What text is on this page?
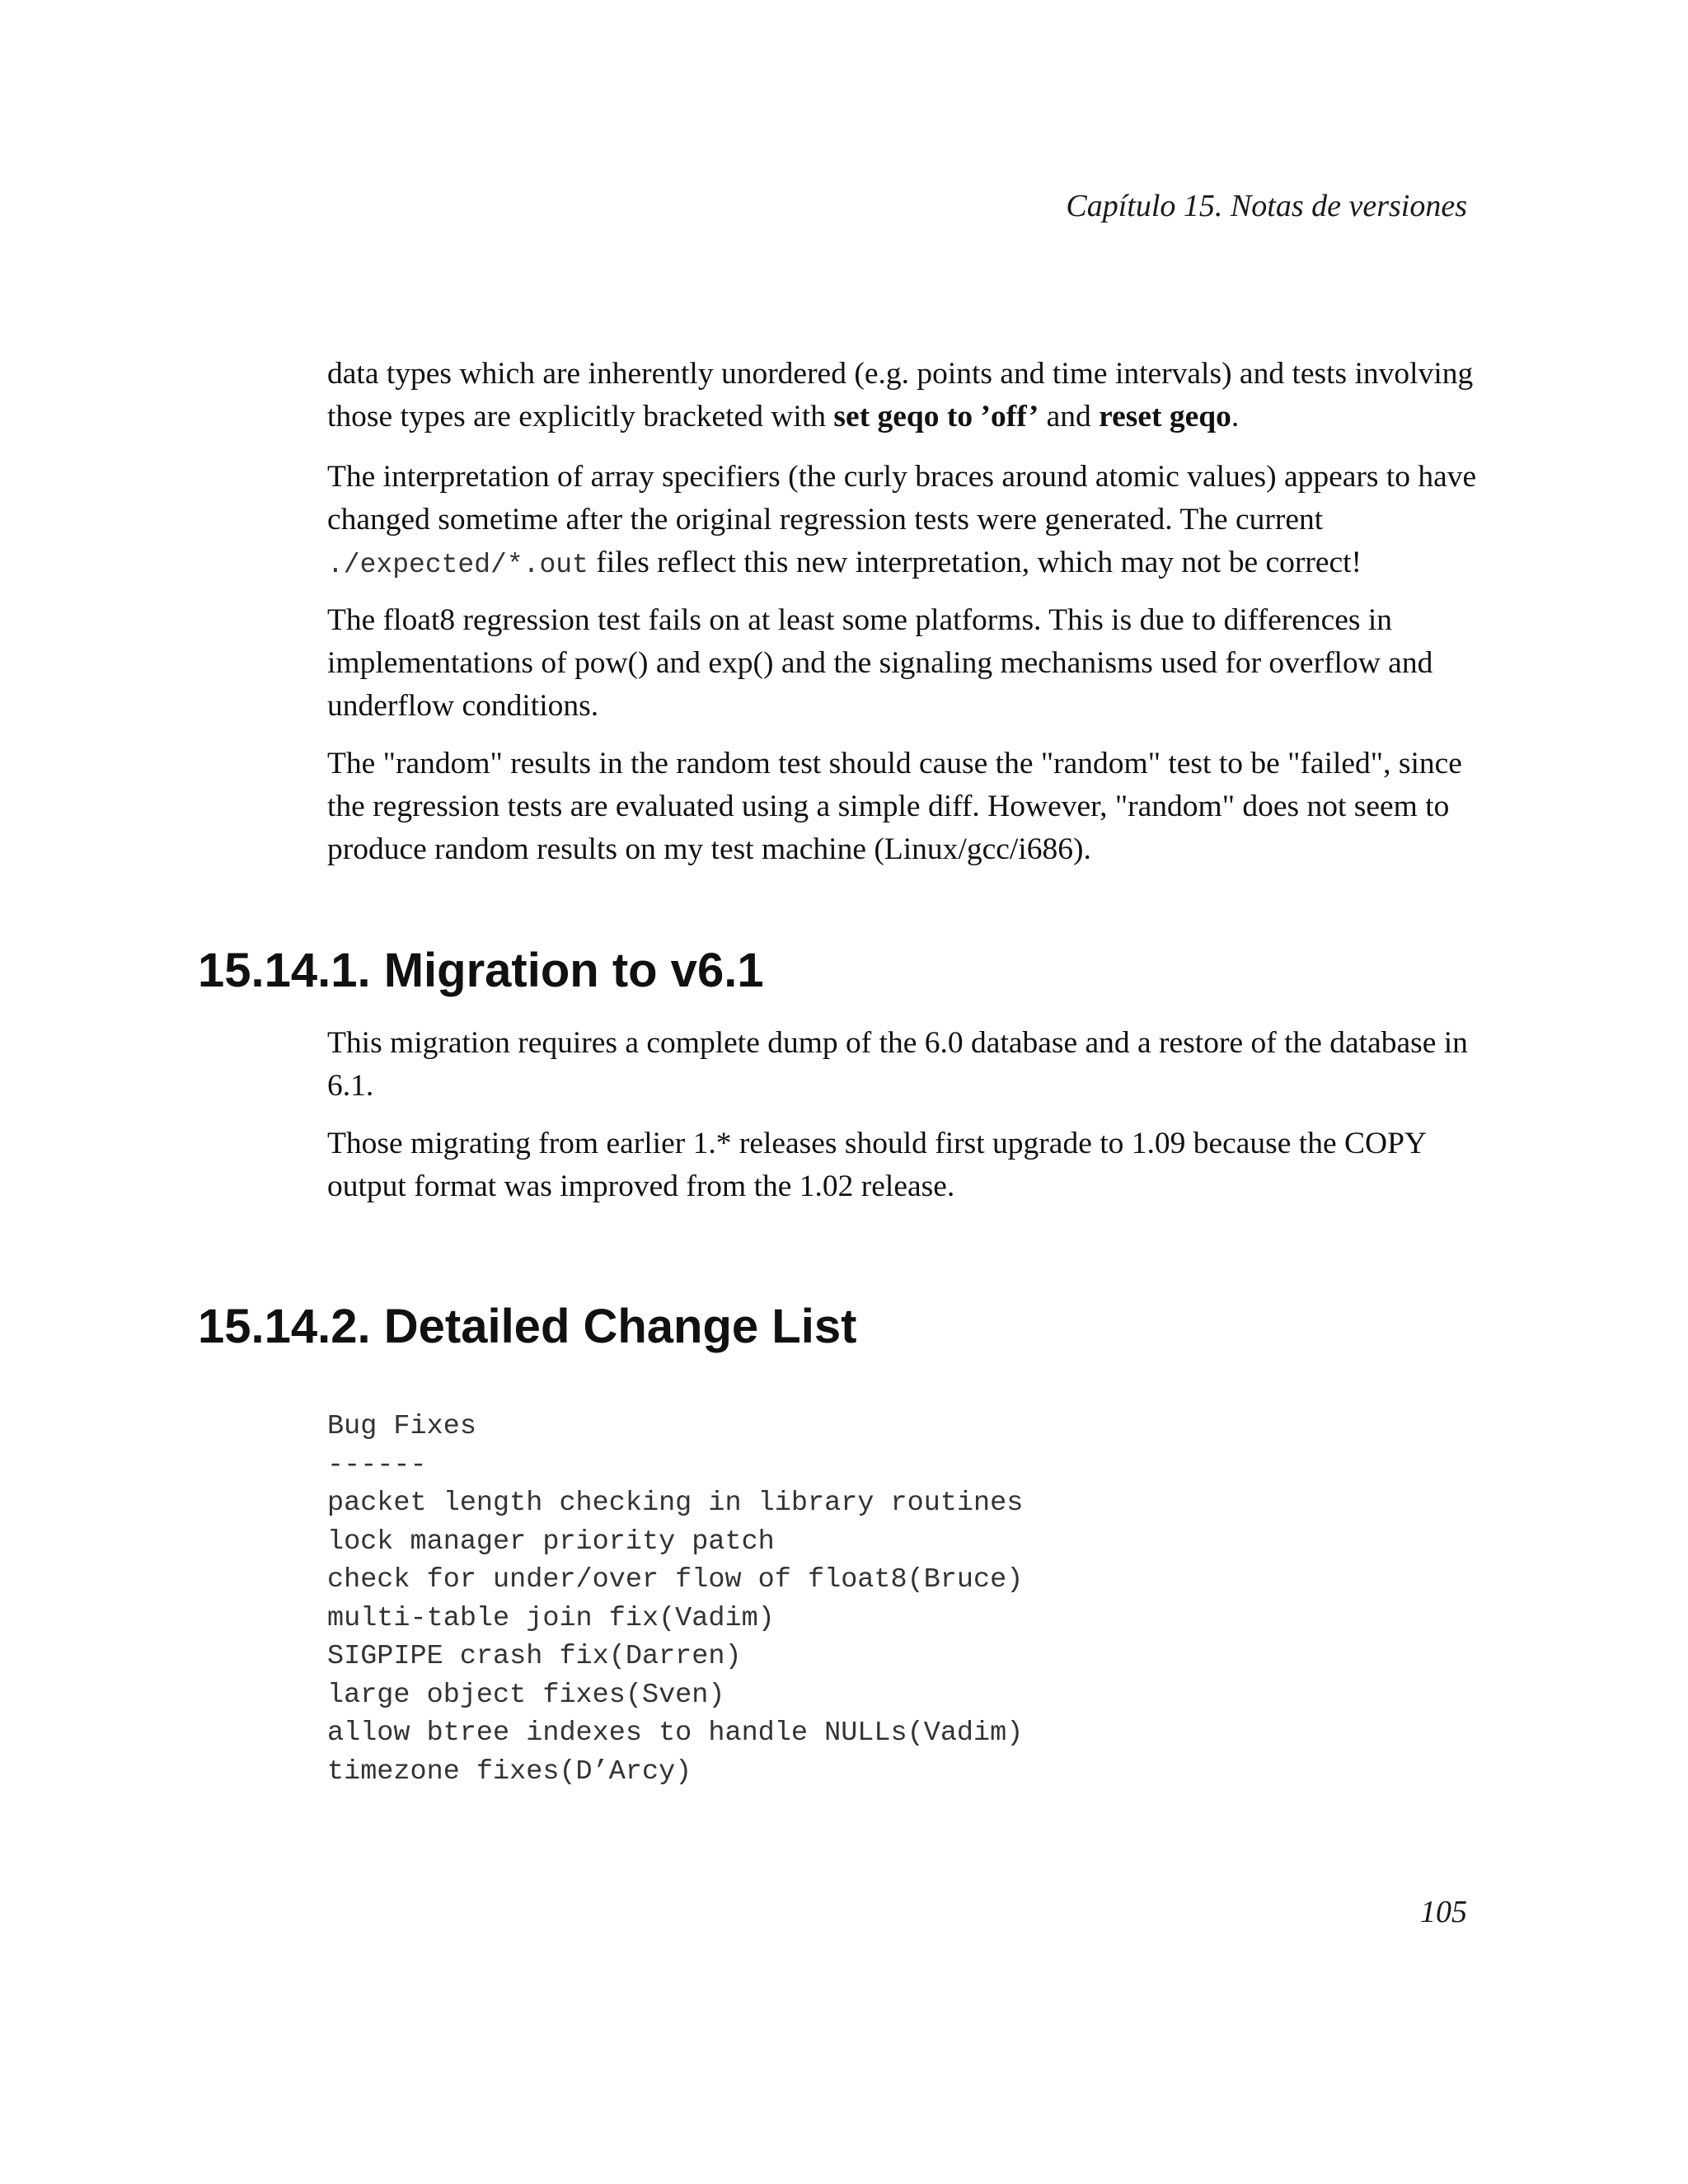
Capítulo 15. Notas de versiones

data types which are inherently unordered (e.g. points and time intervals) and tests involving those types are explicitly bracketed with set geqo to ’off’ and reset geqo.

The interpretation of array specifiers (the curly braces around atomic values) appears to have changed sometime after the original regression tests were generated. The current ./expected/*.out files reflect this new interpretation, which may not be correct!

The float8 regression test fails on at least some platforms. This is due to differences in implementations of pow() and exp() and the signaling mechanisms used for overflow and underflow conditions.

The "random" results in the random test should cause the "random" test to be "failed", since the regression tests are evaluated using a simple diff. However, "random" does not seem to produce random results on my test machine (Linux/gcc/i686).

15.14.1. Migration to v6.1

This migration requires a complete dump of the 6.0 database and a restore of the database in 6.1.

Those migrating from earlier 1.* releases should first upgrade to 1.09 because the COPY output format was improved from the 1.02 release.

15.14.2. Detailed Change List
Bug Fixes
------
packet length checking in library routines
lock manager priority patch
check for under/over flow of float8(Bruce)
multi-table join fix(Vadim)
SIGPIPE crash fix(Darren)
large object fixes(Sven)
allow btree indexes to handle NULLs(Vadim)
timezone fixes(D’Arcy)
105
